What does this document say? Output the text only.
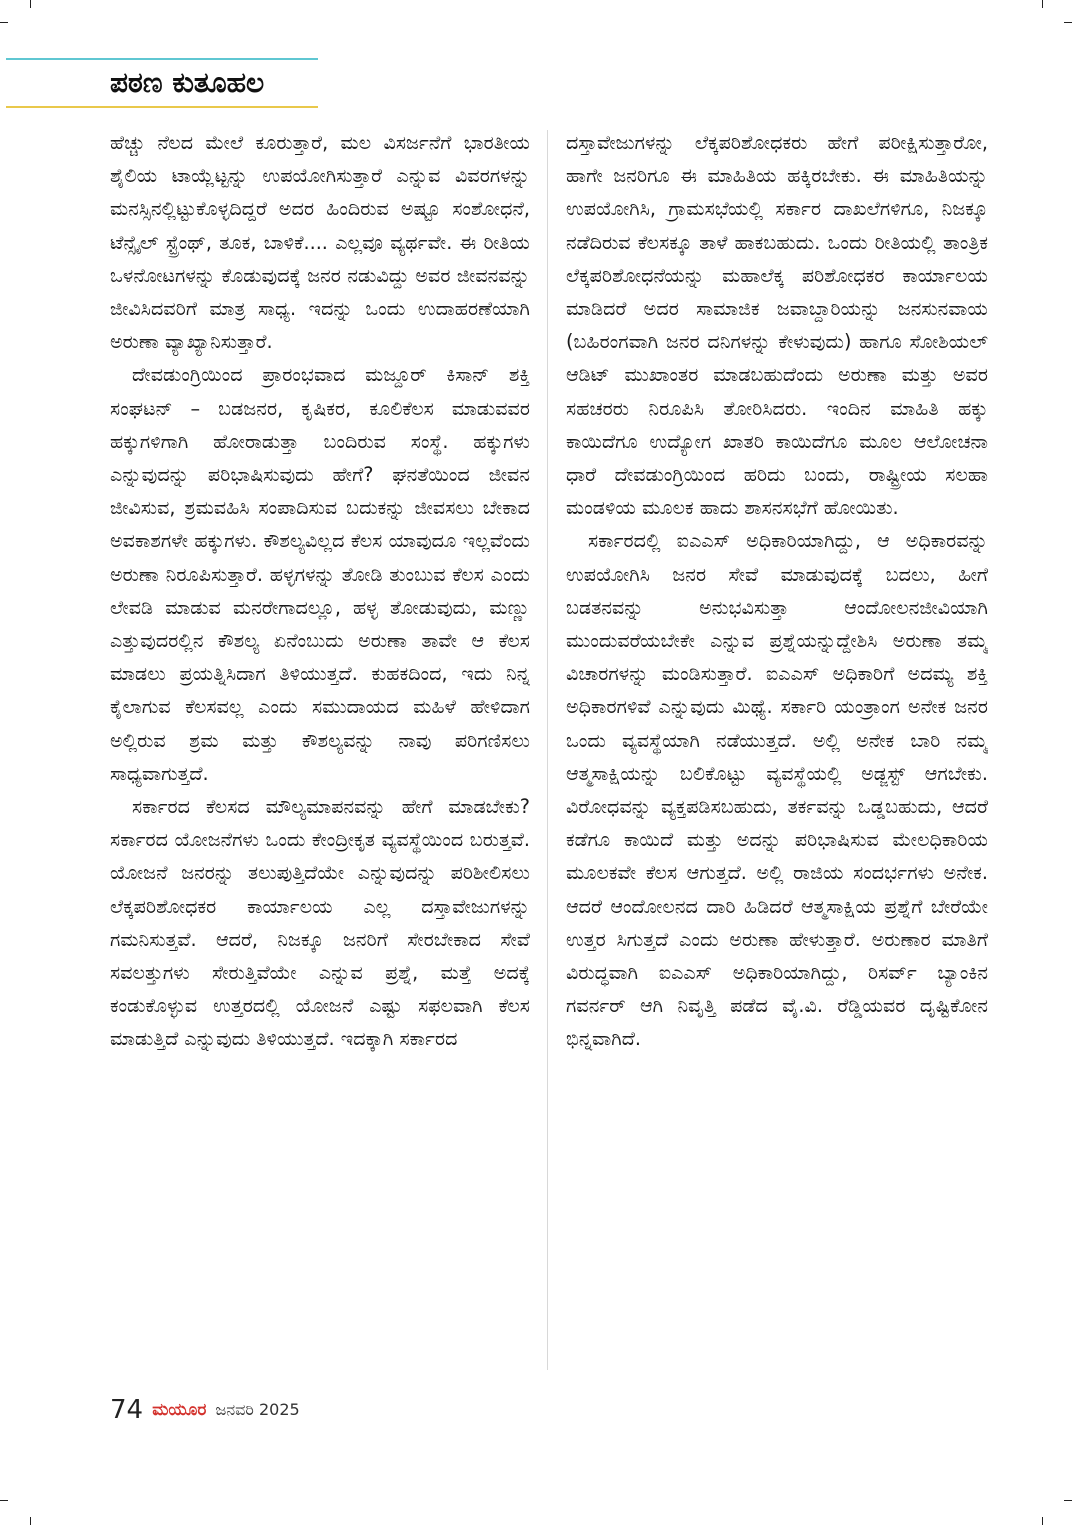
ಪಠಣ ಕುತೂಹಲ

ಹೆಚ್ಚು ನೆಲದ ಮೇಲೆ ಕೂರುತ್ತಾರೆ, ಮಲ ವಿಸರ್ಜನೆಗೆ ಭಾರತೀಯ ಶೈಲಿಯ ಟಾಯ್ಲೆಟ್ಟನ್ನು ಉಪಯೋಗಿಸುತ್ತಾರೆ ಎನ್ನುವ ವಿವರಗಳನ್ನು ಮನಸ್ಸಿನಲ್ಲಿಟ್ಟುಕೊಳ್ಳದಿದ್ದರೆ ಅದರ ಹಿಂದಿರುವ ಅಷ್ಟೂ ಸಂಶೋಧನೆ, ಟೆನ್ಸೈಲ್ ಸ್ಟ್ರೆಂಥ್, ತೂಕ, ಬಾಳಿಕೆ.... ಎಲ್ಲವೂ ವ್ಯರ್ಥವೇ. ಈ ರೀತಿಯ ಒಳನೋಟಗಳನ್ನು ಕೊಡುವುದಕ್ಕೆ ಜನರ ನಡುವಿದ್ದು ಅವರ ಜೀವನವನ್ನು ಜೀವಿಸಿದವರಿಗೆ ಮಾತ್ರ ಸಾಧ್ಯ. ಇದನ್ನು ಒಂದು ಉದಾಹರಣೆಯಾಗಿ ಅರುಣಾ ವ್ಯಾಖ್ಯಾನಿಸುತ್ತಾರೆ.

ದೇವಡುಂಗ್ರಿಯಿಂದ ಪ್ರಾರಂಭವಾದ ಮಜ್ದೂರ್ ಕಿಸಾನ್ ಶಕ್ತಿ ಸಂಘಟನ್ – ಬಡಜನರ, ಕೃಷಿಕರ, ಕೂಲಿಕೆಲಸ ಮಾಡುವವರ ಹಕ್ಕುಗಳಿಗಾಗಿ ಹೋರಾಡುತ್ತಾ ಬಂದಿರುವ ಸಂಸ್ಥೆ. ಹಕ್ಕುಗಳು ಎನ್ನುವುದನ್ನು ಪರಿಭಾಷಿಸುವುದು ಹೇಗೆ? ಘನತೆಯಿಂದ ಜೀವನ ಜೀವಿಸುವ, ಶ್ರಮವಹಿಸಿ ಸಂಪಾದಿಸುವ ಬದುಕನ್ನು ಜೀವಸಲು ಬೇಕಾದ ಅವಕಾಶಗಳೇ ಹಕ್ಕುಗಳು. ಕೌಶಲ್ಯವಿಲ್ಲದ ಕೆಲಸ ಯಾವುದೂ ಇಲ್ಲವೆಂದು ಅರುಣಾ ನಿರೂಪಿಸುತ್ತಾರೆ. ಹಳ್ಳಗಳನ್ನು ತೋಡಿ ತುಂಬುವ ಕೆಲಸ ಎಂದು ಲೇವಡಿ ಮಾಡುವ ಮನರೇಗಾದಲ್ಲೂ, ಹಳ್ಳ ತೋಡುವುದು, ಮಣ್ಣು ಎತ್ತುವುದರಲ್ಲಿನ ಕೌಶಲ್ಯ ಏನೆಂಬುದು ಅರುಣಾ ತಾವೇ ಆ ಕೆಲಸ ಮಾಡಲು ಪ್ರಯತ್ನಿಸಿದಾಗ ತಿಳಿಯುತ್ತದೆ. ಕುಹಕದಿಂದ, ಇದು ನಿನ್ನ ಕೈಲಾಗುವ ಕೆಲಸವಲ್ಲ ಎಂದು ಸಮುದಾಯದ ಮಹಿಳೆ ಹೇಳಿದಾಗ ಅಲ್ಲಿರುವ ಶ್ರಮ ಮತ್ತು ಕೌಶಲ್ಯವನ್ನು ನಾವು ಪರಿಗಣಿಸಲು ಸಾಧ್ಯವಾಗುತ್ತದೆ.

ಸರ್ಕಾರದ ಕೆಲಸದ ಮೌಲ್ಯಮಾಪನವನ್ನು ಹೇಗೆ ಮಾಡಬೇಕು? ಸರ್ಕಾರದ ಯೋಜನೆಗಳು ಒಂದು ಕೇಂದ್ರೀಕೃತ ವ್ಯವಸ್ಥೆಯಿಂದ ಬರುತ್ತವೆ. ಯೋಜನೆ ಜನರನ್ನು ತಲುಪುತ್ತಿದೆಯೇ ಎನ್ನುವುದನ್ನು ಪರಿಶೀಲಿಸಲು ಲೆಕ್ಕಪರಿಶೋಧಕರ ಕಾರ್ಯಾಲಯ ಎಲ್ಲ ದಸ್ತಾವೇಜುಗಳನ್ನು ಗಮನಿಸುತ್ತವೆ. ಆದರೆ, ನಿಜಕ್ಕೂ ಜನರಿಗೆ ಸೇರಬೇಕಾದ ಸೇವೆ ಸವಲತ್ತುಗಳು ಸೇರುತ್ತಿವೆಯೇ ಎನ್ನುವ ಪ್ರಶ್ನೆ, ಮತ್ತೆ ಅದಕ್ಕೆ ಕಂಡುಕೊಳ್ಳುವ ಉತ್ತರದಲ್ಲಿ ಯೋಜನೆ ಎಷ್ಟು ಸಫಲವಾಗಿ ಕೆಲಸ ಮಾಡುತ್ತಿದೆ ಎನ್ನುವುದು ತಿಳಿಯುತ್ತದೆ. ಇದಕ್ಕಾಗಿ ಸರ್ಕಾರದ

ದಸ್ತಾವೇಜುಗಳನ್ನು ಲೆಕ್ಕಪರಿಶೋಧಕರು ಹೇಗೆ ಪರೀಕ್ಷಿಸುತ್ತಾರೋ, ಹಾಗೇ ಜನರಿಗೂ ಈ ಮಾಹಿತಿಯ ಹಕ್ಕಿರಬೇಕು. ಈ ಮಾಹಿತಿಯನ್ನು ಉಪಯೋಗಿಸಿ, ಗ್ರಾಮಸಭೆಯಲ್ಲಿ ಸರ್ಕಾರ ದಾಖಲೆಗಳಿಗೂ, ನಿಜಕ್ಕೂ ನಡೆದಿರುವ ಕೆಲಸಕ್ಕೂ ತಾಳೆ ಹಾಕಬಹುದು. ಒಂದು ರೀತಿಯಲ್ಲಿ ತಾಂತ್ರಿಕ ಲೆಕ್ಕಪರಿಶೋಧನೆಯನ್ನು ಮಹಾಲೆಕ್ಕ ಪರಿಶೋಧಕರ ಕಾರ್ಯಾಲಯ ಮಾಡಿದರೆ ಅದರ ಸಾಮಾಜಿಕ ಜವಾಬ್ದಾರಿಯನ್ನು ಜನಸುನವಾಯ (ಬಹಿರಂಗವಾಗಿ ಜನರ ದನಿಗಳನ್ನು ಕೇಳುವುದು) ಹಾಗೂ ಸೋಶಿಯಲ್ ಆಡಿಟ್ ಮುಖಾಂತರ ಮಾಡಬಹುದೆಂದು ಅರುಣಾ ಮತ್ತು ಅವರ ಸಹಚರರು ನಿರೂಪಿಸಿ ತೋರಿಸಿದರು. ಇಂದಿನ ಮಾಹಿತಿ ಹಕ್ಕು ಕಾಯಿದೆಗೂ ಉದ್ಯೋಗ ಖಾತರಿ ಕಾಯಿದೆಗೂ ಮೂಲ ಆಲೋಚನಾ ಧಾರೆ ದೇವಡುಂಗ್ರಿಯಿಂದ ಹರಿದು ಬಂದು, ರಾಷ್ಟ್ರೀಯ ಸಲಹಾ ಮಂಡಳಿಯ ಮೂಲಕ ಹಾದು ಶಾಸನಸಭೆಗೆ ಹೋಯಿತು.

ಸರ್ಕಾರದಲ್ಲಿ ಐಎಎಸ್ ಅಧಿಕಾರಿಯಾಗಿದ್ದು, ಆ ಅಧಿಕಾರವನ್ನು ಉಪಯೋಗಿಸಿ ಜನರ ಸೇವೆ ಮಾಡುವುದಕ್ಕೆ ಬದಲು, ಹೀಗೆ ಬಡತನವನ್ನು ಅನುಭವಿಸುತ್ತಾ ಆಂದೋಲನಜೀವಿಯಾಗಿ ಮುಂದುವರೆಯಬೇಕೇ ಎನ್ನುವ ಪ್ರಶ್ನೆಯನ್ನುದ್ದೇಶಿಸಿ ಅರುಣಾ ತಮ್ಮ ವಿಚಾರಗಳನ್ನು ಮಂಡಿಸುತ್ತಾರೆ. ಐಎಎಸ್ ಅಧಿಕಾರಿಗೆ ಅದಮ್ಯ ಶಕ್ತಿ ಅಧಿಕಾರಗಳಿವೆ ಎನ್ನುವುದು ಮಿಥ್ಯೆ. ಸರ್ಕಾರಿ ಯಂತ್ರಾಂಗ ಅನೇಕ ಜನರ ಒಂದು ವ್ಯವಸ್ಥೆಯಾಗಿ ನಡೆಯುತ್ತದೆ. ಅಲ್ಲಿ ಅನೇಕ ಬಾರಿ ನಮ್ಮ ಆತ್ಮಸಾಕ್ಷಿಯನ್ನು ಬಲಿಕೊಟ್ಟು ವ್ಯವಸ್ಥೆಯಲ್ಲಿ ಅಡ್ಜಸ್ಟ್ ಆಗಬೇಕು. ವಿರೋಧವನ್ನು ವ್ಯಕ್ತಪಡಿಸಬಹುದು, ತರ್ಕವನ್ನು ಒಡ್ಡಬಹುದು, ಆದರೆ ಕಡೆಗೂ ಕಾಯಿದೆ ಮತ್ತು ಅದನ್ನು ಪರಿಭಾಷಿಸುವ ಮೇಲಧಿಕಾರಿಯ ಮೂಲಕವೇ ಕೆಲಸ ಆಗುತ್ತದೆ. ಅಲ್ಲಿ ರಾಜಿಯ ಸಂದರ್ಭಗಳು ಅನೇಕ. ಆದರೆ ಆಂದೋಲನದ ದಾರಿ ಹಿಡಿದರೆ ಆತ್ಮಸಾಕ್ಷಿಯ ಪ್ರಶ್ನೆಗೆ ಬೇರೆಯೇ ಉತ್ತರ ಸಿಗುತ್ತದೆ ಎಂದು ಅರುಣಾ ಹೇಳುತ್ತಾರೆ. ಅರುಣಾರ ಮಾತಿಗೆ ವಿರುದ್ಧವಾಗಿ ಐಎಎಸ್ ಅಧಿಕಾರಿಯಾಗಿದ್ದು, ರಿಸರ್ವ್ ಬ್ಯಾಂಕಿನ ಗವರ್ನರ್ ಆಗಿ ನಿವೃತ್ತಿ ಪಡೆದ ವೈ.ವಿ. ರೆಡ್ಡಿಯವರ ದೃಷ್ಟಿಕೋನ ಭಿನ್ನವಾಗಿದೆ.

74 ಮಯೂರ ಜನವರಿ 2025
